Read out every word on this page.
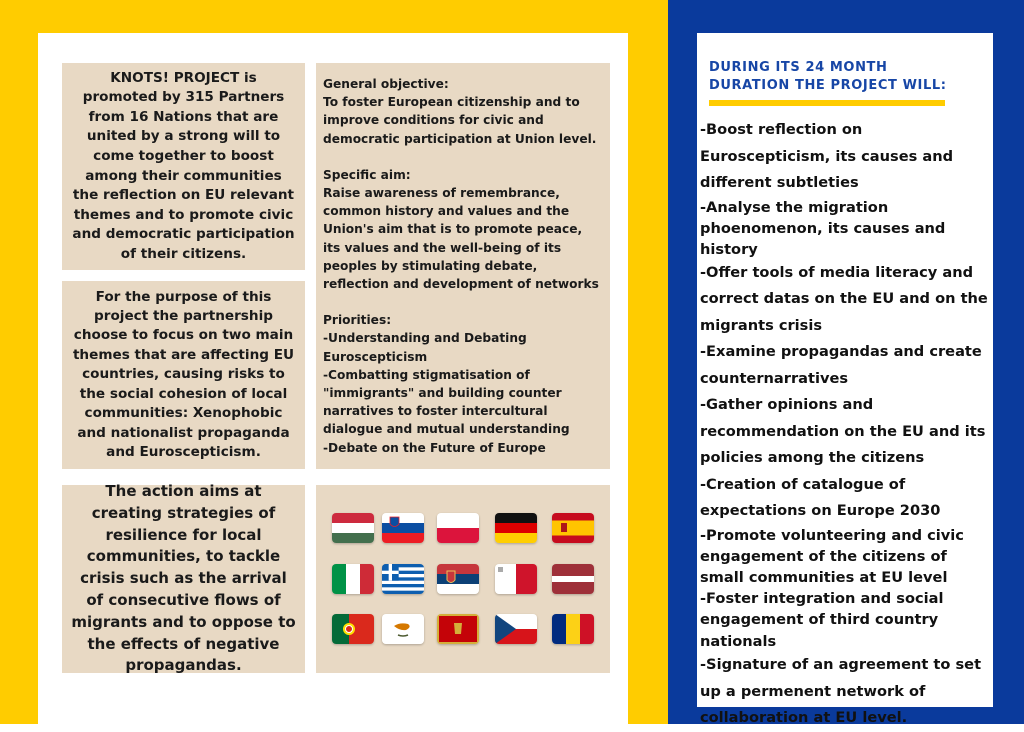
KNOTS! PROJECT is promoted by 315 Partners from 16 Nations that are united by a strong will to come together to boost among their communities the reflection on EU relevant themes and to promote civic and democratic participation of their citizens.
For the purpose of this project the partnership choose to focus on two main themes that are affecting EU countries, causing risks to the social cohesion of local communities: Xenophobic and nationalist propaganda and Euroscepticism.
The action aims at creating strategies of resilience for local communities, to tackle crisis such as the arrival of consecutive flows of migrants and to oppose to the effects of negative propagandas.

General objective:

To foster European citizenship and to improve conditions for civic and democratic participation at Union level.

Specific aim:

Raise awareness of remembrance, common history and values and the Union's aim that is to promote peace, its values and the well-being of its peoples by stimulating debate, reflection and development of networks

Priorities:

-Understanding and Debating Euroscepticism

-Combatting stigmatisation of "immigrants" and building counter narratives to foster intercultural dialogue and mutual understanding

-Debate on the Future of Europe

DURING ITS 24 MONTH
DURATION THE PROJECT WILL:
-Boost reflection on Euroscepticism, its causes and different subtleties
-Analyse the migration phoenomenon, its causes and history
-Offer tools of media literacy and correct datas on the EU and on the migrants crisis
-Examine propagandas and create counternarratives
-Gather opinions and recommendation on the EU and its policies among the citizens
-Creation of catalogue of expectations on Europe 2030
-Promote volunteering and civic engagement of the citizens of small communities at EU level
-Foster integration and social engagement of third country nationals
-Signature of an agreement to set up a permenent network of collaboration at EU level.
